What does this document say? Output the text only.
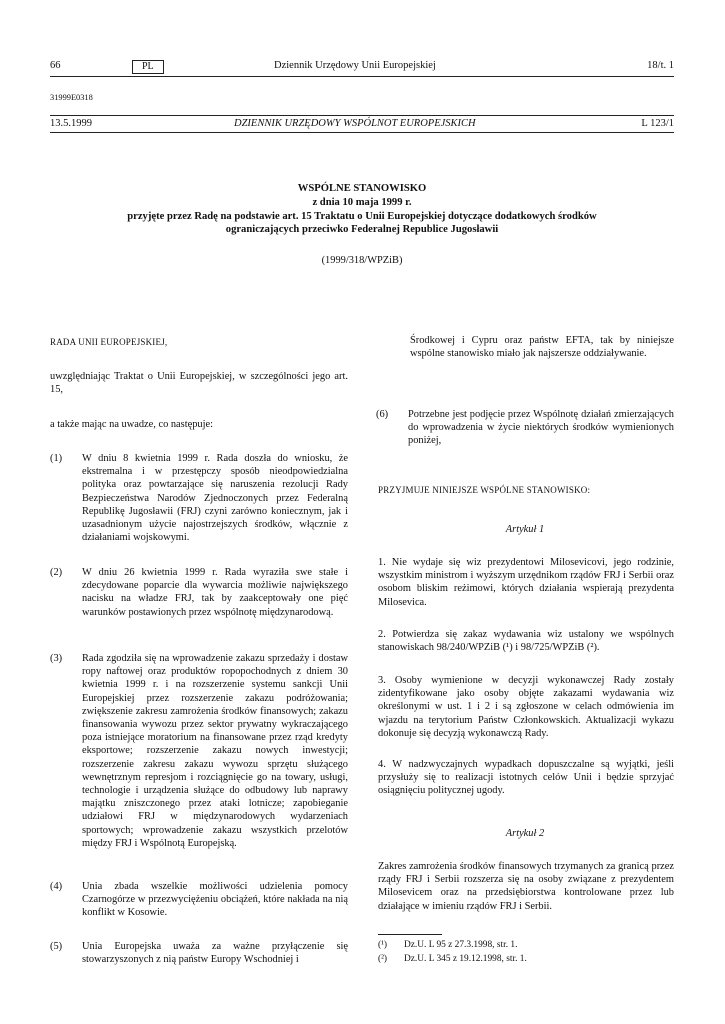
66	PL	Dziennik Urzędowy Unii Europejskiej	18/t. 1
31999E0318
13.5.1999	DZIENNIK URZĘDOWY WSPÓLNOT EUROPEJSKICH	L 123/1
WSPÓLNE STANOWISKO
z dnia 10 maja 1999 r.
przyjęte przez Radę na podstawie art. 15 Traktatu o Unii Europejskiej dotyczące dodatkowych środków
ograniczających przeciwko Federalnej Republice Jugosławii
(1999/318/WPZiB)
RADA UNII EUROPEJSKIEJ,
uwzględniając Traktat o Unii Europejskiej, w szczególności jego art. 15,
a także mając na uwadze, co następuje:
(1) W dniu 8 kwietnia 1999 r. Rada doszła do wniosku, że ekstremalna i w przestępczy sposób nieodpowiedzialna polityka oraz powtarzające się naruszenia rezolucji Rady Bezpieczeństwa Narodów Zjednoczonych przez Federalną Republikę Jugosławii (FRJ) czyni zarówno koniecznym, jak i uzasadnionym użycie najostrzejszych środków, włącznie z działaniami wojskowymi.
(2) W dniu 26 kwietnia 1999 r. Rada wyraziła swe stałe i zdecydowane poparcie dla wywarcia możliwie największego nacisku na władze FRJ, tak by zaakceptowały one pięć warunków postawionych przez wspólnotę międzynarodową.
(3) Rada zgodziła się na wprowadzenie zakazu sprzedaży i dostaw ropy naftowej oraz produktów ropopochodnych z dniem 30 kwietnia 1999 r. i na rozszerzenie systemu sankcji Unii Europejskiej przez rozszerzenie zakazu podróżowania; zwiększenie zakresu zamrożenia środków finansowych; zakazu finansowania wywozu przez sektor prywatny wykraczającego poza istniejące moratorium na finansowane przez rząd kredyty eksportowe; rozszerzenie zakazu nowych inwestycji; rozszerzenie zakresu zakazu wywozu sprzętu służącego wewnętrznym represjom i rozciągnięcie go na towary, usługi, technologie i urządzenia służące do odbudowy lub naprawy majątku zniszczonego przez ataki lotnicze; zapobieganie udziałowi FRJ w międzynarodowych wydarzeniach sportowych; wprowadzenie zakazu wszystkich przelotów między FRJ i Wspólnotą Europejską.
(4) Unia zbada wszelkie możliwości udzielenia pomocy Czarnogórze w przezwyciężeniu obciążeń, które nakłada na nią konflikt w Kosowie.
(5) Unia Europejska uważa za ważne przyłączenie się stowarzyszonych z nią państw Europy Wschodniej i
Środkowej i Cypru oraz państw EFTA, tak by niniejsze wspólne stanowisko miało jak najszersze oddziaływanie.
(6) Potrzebne jest podjęcie przez Wspólnotę działań zmierzających do wprowadzenia w życie niektórych środków wymienionych poniżej,
PRZYJMUJE NINIEJSZE WSPÓLNE STANOWISKO:
Artykuł 1
1. Nie wydaje się wiz prezydentowi Milosevicovi, jego rodzinie, wszystkim ministrom i wyższym urzędnikom rządów FRJ i Serbii oraz osobom bliskim reżimowi, których działania wspierają prezydenta Milosevica.
2. Potwierdza się zakaz wydawania wiz ustalony we wspólnych stanowiskach 98/240/WPZiB (¹) i 98/725/WPZiB (²).
3. Osoby wymienione w decyzji wykonawczej Rady zostały zidentyfikowane jako osoby objęte zakazami wydawania wiz określonymi w ust. 1 i 2 i są zgłoszone w celach odmówienia im wjazdu na terytorium Państw Członkowskich. Aktualizacji wykazu dokonuje się decyzją wykonawczą Rady.
4. W nadzwyczajnych wypadkach dopuszczalne są wyjątki, jeśli przysłuży się to realizacji istotnych celów Unii i będzie sprzyjać osiągnięciu politycznej ugody.
Artykuł 2
Zakres zamrożenia środków finansowych trzymanych za granicą przez rządy FRJ i Serbii rozszerza się na osoby związane z prezydentem Milosevicem oraz na przedsiębiorstwa kontrolowane przez lub działające w imieniu rządów FRJ i Serbii.
(¹) Dz.U. L 95 z 27.3.1998, str. 1.
(²) Dz.U. L 345 z 19.12.1998, str. 1.
